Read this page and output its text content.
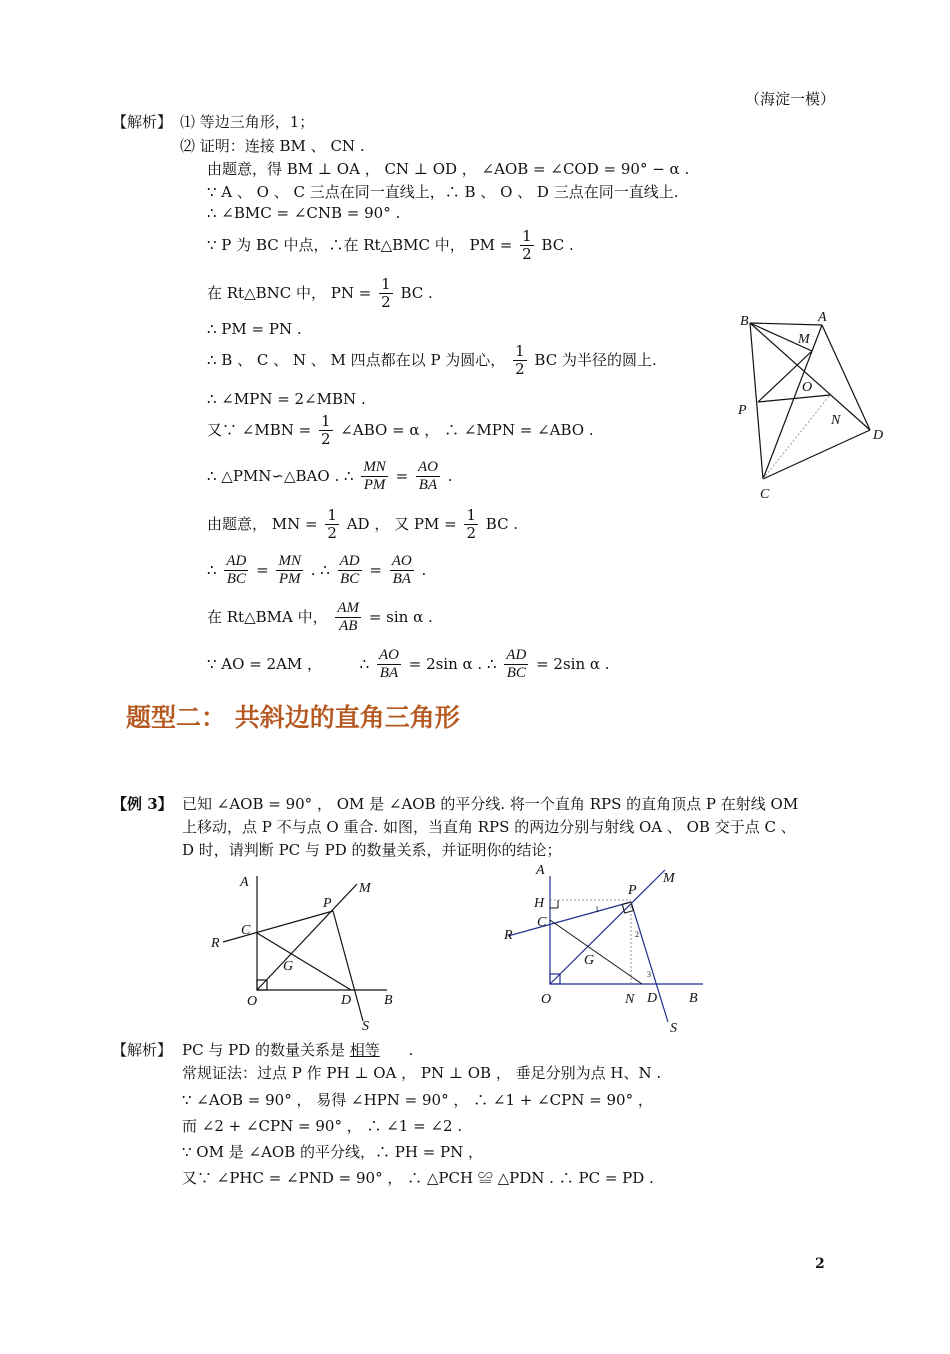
（海淀一模）
【解析】 ⑴ 等边三角形，1；
⑵ 证明：连接 BM 、 CN .
由题意，得 BM ⊥ OA ， CN ⊥ OD ， ∠AOB = ∠COD = 90° − α .
∵ A 、 O 、 C 三点在同一直线上，∴ B 、 O 、 D 三点在同一直线上.
∴ ∠BMC = ∠CNB = 90° .
∵ P 为 BC 中点，∴在 Rt△BMC 中， PM = $\frac{1}{2}$ BC .
在 Rt△BNC 中， PN = $\frac{1}{2}$ BC .
∴ PM = PN .
∴ B 、 C 、 N 、 M 四点都在以 P 为圆心， $\frac{1}{2}$ BC 为半径的圆上.
∴ ∠MPN = 2∠MBN .
又∵ ∠MBN = $\frac{1}{2}$ ∠ABO = α ， ∴ ∠MPN = ∠ABO .
∴ △PMN∽△BAO . ∴ $\frac{MN}{PM} = \frac{AO}{BA}$ .
由题意， MN = $\frac{1}{2}$ AD ， 又 PM = $\frac{1}{2}$ BC .
∴ $\frac{AD}{BC} = \frac{MN}{PM}$ . ∴ $\frac{AD}{BC} = \frac{AO}{BA}$ .
在 Rt△BMA 中， $\frac{AM}{AB} = \sin \alpha$ .
∵ AO = 2AM ，	∴ $\frac{AO}{BA} = 2\sin$ α . ∴ $\frac{AD}{BC} = 2\sin$ α .
B	A
M
O
P
N
D
C
题型二： 共斜边的直角三角形
【例 3】 已知 ∠AOB = 90° ， OM 是 ∠AOB 的平分线. 将一个直角 RPS 的直角顶点 P 在射线 OM
上移动，点 P 不与点 O 重合. 如图，当直角 RPS 的两边分别与射线 OA 、 OB 交于点 C 、
D 时，请判断 PC 与 PD 的数量关系，并证明你的结论；
A	M
P
C
R
G
O	D B
S
A
M
H
P
C
R
G
O	N D B
S
1
2
3
【解析】 PC 与 PD 的数量关系是 相等 .
常规证法：过点 P 作 PH ⊥ OA ， PN ⊥ OB ， 垂足分别为点 H、N .
∵ ∠AOB = 90° ， 易得 ∠HPN = 90° ， ∴ ∠1 + ∠CPN = 90° ，
而 ∠2 + ∠CPN = 90° ， ∴ ∠1 = ∠2 .
∵ OM 是 ∠AOB 的平分线，∴ PH = PN ，
又∵ ∠PHC = ∠PND = 90° ， ∴ △PCH ≌ △PDN . ∴ PC = PD .
2
